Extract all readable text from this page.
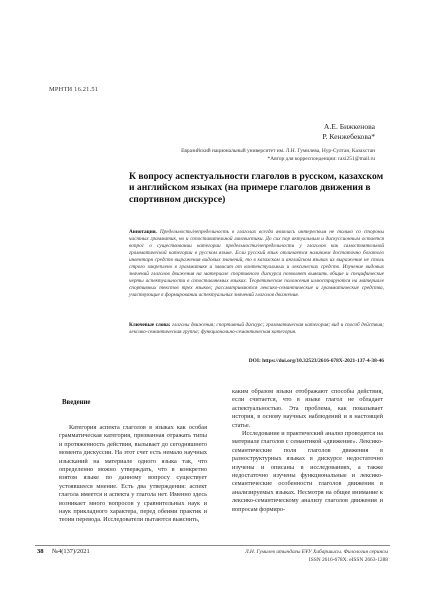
МРНТИ 16.21.51
А.Е. Бижкенова
Р. Кенжебекова*
Евразийский национальный университет им. Л.Н. Гумилева, Нур-Султан, Казахстан
*Автор для корреспонденции: raxi251@mail.ru
К вопросу аспектуальности глаголов в русском, казахском и английском языках (на примере глаголов движения в спортивном дискурсе)
Аннотация. Предельность/непредельность в глаголах всегда являлась интересным не только со стороны частных грамматик, но и сопоставительной лингвистики. До сих пор актуальным и дискуссионным остается вопрос о существовании категории предельности/непредельности у глаголов как самостоятельной грамматической категории в русском языке. Если русский язык отличается наличием достаточно богатого инвентаря средств выражения видовых значений, то в казахском и английском языках их выражение не столь строго закреплено в грамматике и зависит от контекстуальных и лексических средств. Изучение видовых значений глаголов движения на материале спортивного дискурса позволяет выявить общие и специфические черты аспектуальности в сопоставляемых языках. Теоретические положения иллюстрируются на материале спортивных текстов трех языков; рассматриваются лексико-семантические и грамматические средства, участвующие в формировании аспектуальных значений глаголов движения.
Ключевые слова: глаголы движения; спортивный дискурс; грамматическая категория; вид и способ действия; лексико-семантическая группа; функционально-семантическая категория.
DOI: https://doi.org/10.32523/2616-678X-2021-137-4-38-46
Введение

Категория аспекта глаголов в языках как особая грамматическая категория, призванная отражать типы и протяженность действия, вызывает до сегодняшнего момента дискуссии. На этот счет есть немало научных изысканий на материале одного языка так, что определенно можно утверждать, что в конкретно взятом языке по данному вопросу существует устоявшееся мнение. Есть два утверждения: аспект глагола имеется и аспекта у глагола нет. Именно здесь возникает много вопросов у сравнительных наук и наук прикладного характера, перед обеими практик и теоии перевода. Исследователи пытаются выяснить,

каким образом языки отображают способы действия, если считается, что в языке глагол не обладает аспектуальностью. Эта проблема, как показывает история, в основу научных наблюдений и в настоящей статье.

Исследование и практический анализ проводятся на материале глаголов с семантикой «движение». Лексико-семантические поля глаголов движения в разноструктурных языках в дискурсе недостаточно изучены и описаны в исследованиях, а также недостаточно изучены функциональные и лексико-семантические особенности глаголов движения в анализируемых языках. Несмотря на общее внимание к лексико-семантическому анализу глаголов движения и вопросам формиро-

38 №4(137)/2021	Л.Н. Гумилев атындағы ЕҰУ Хабаршысы. Филология сериясы
ISSN 2616-678X. eISSN 2663-1288
